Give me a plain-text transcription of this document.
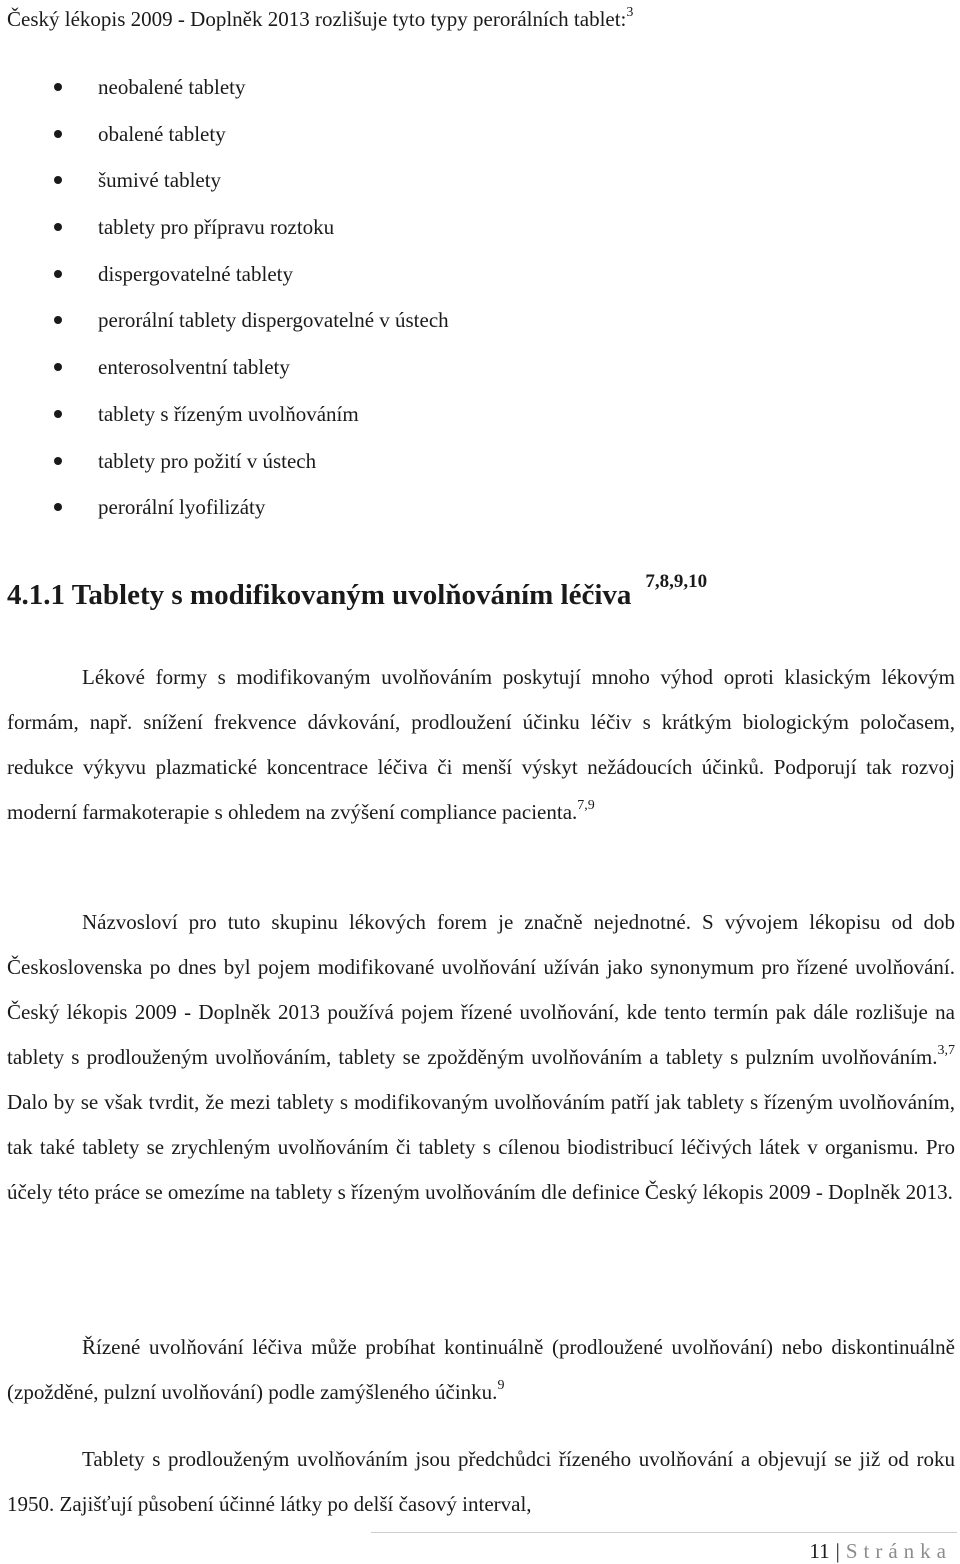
Český lékopis 2009 - Doplněk 2013 rozlišuje tyto typy perorálních tablet:$^3$
neobalené tablety
obalené tablety
šumivé tablety
tablety pro přípravu roztoku
dispergovatelné tablety
perorální tablety dispergovatelné v ústech
enterosolventní tablety
tablety s řízeným uvolňováním
tablety pro požití v ústech
perorální lyofilizáty
4.1.1 Tablety s modifikovaným uvolňováním léčiva $^{7,8,9,10}$

Lékové formy s modifikovaným uvolňováním poskytují mnoho výhod oproti klasickým lékovým formám, např. snížení frekvence dávkování, prodloužení účinku léčiv s krátkým biologickým poločasem, redukce výkyvu plazmatické koncentrace léčiva či menší výskyt nežádoucích účinků. Podporují tak rozvoj moderní farmakoterapie s ohledem na zvýšení compliance pacienta.$^{7,9}$

Názvosloví pro tuto skupinu lékových forem je značně nejednotné. S vývojem lékopisu od dob Československa po dnes byl pojem modifikované uvolňování užíván jako synonymum pro řízené uvolňování. Český lékopis 2009 - Doplněk 2013 používá pojem řízené uvolňování, kde tento termín pak dále rozlišuje na tablety s prodlouženým uvolňováním, tablety se zpožděným uvolňováním a tablety s pulzním uvolňováním.$^{3,7}$ Dalo by se však tvrdit, že mezi tablety s modifikovaným uvolňováním patří jak tablety s řízeným uvolňováním, tak také tablety se zrychleným uvolňováním či tablety s cílenou biodistribucí léčivých látek v organismu. Pro účely této práce se omezíme na tablety s řízeným uvolňováním dle definice Český lékopis 2009 - Doplněk 2013.

Řízené uvolňování léčiva může probíhat kontinuálně (prodloužené uvolňování) nebo diskontinuálně (zpožděné, pulzní uvolňování) podle zamýšleného účinku.$^9$

Tablety s prodlouženým uvolňováním jsou předchůdci řízeného uvolňování a objevují se již od roku 1950. Zajišťují působení účinné látky po delší časový interval,

11 | Stránka
